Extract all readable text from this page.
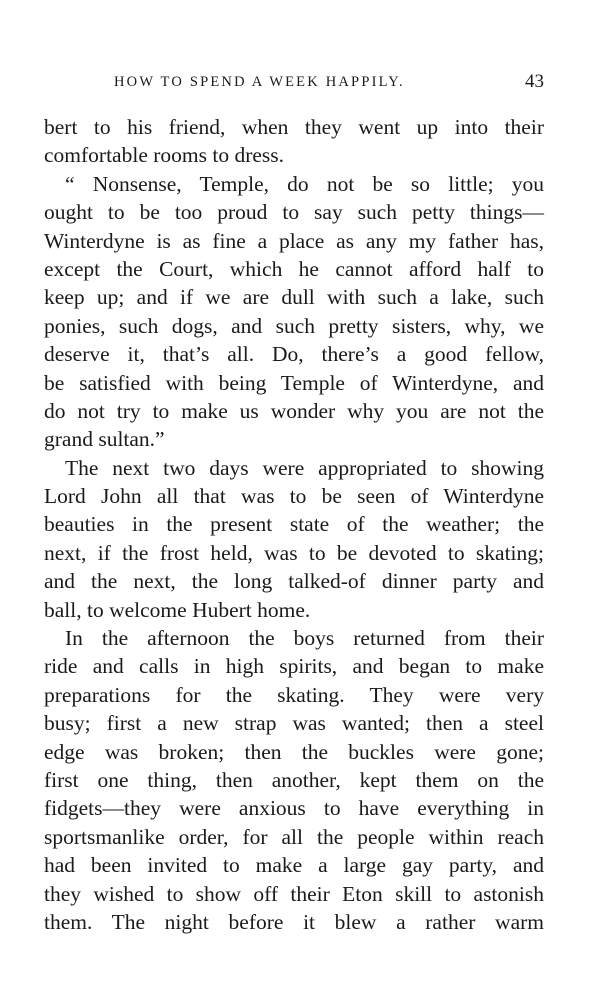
HOW TO SPEND A WEEK HAPPILY.	43
bert to his friend, when they went up into their
comfortable rooms to dress.
“ Nonsense, Temple, do not be so little; you
ought to be too proud to say such petty things—
Winterdyne is as fine a place as any my father has,
except the Court, which he cannot afford half to
keep up; and if we are dull with such a lake, such
ponies, such dogs, and such pretty sisters, why, we
deserve it, that’s all. Do, there’s a good fellow,
be satisfied with being Temple of Winterdyne, and
do not try to make us wonder why you are not the
grand sultan.”
The next two days were appropriated to showing
Lord John all that was to be seen of Winterdyne
beauties in the present state of the weather; the
next, if the frost held, was to be devoted to skating;
and the next, the long talked-of dinner party and
ball, to welcome Hubert home.
In the afternoon the boys returned from their
ride and calls in high spirits, and began to make
preparations for the skating. They were very
busy; first a new strap was wanted; then a steel
edge was broken; then the buckles were gone;
first one thing, then another, kept them on the
fidgets—they were anxious to have everything in
sportsmanlike order, for all the people within reach
had been invited to make a large gay party, and
they wished to show off their Eton skill to astonish
them. The night before it blew a rather warm
